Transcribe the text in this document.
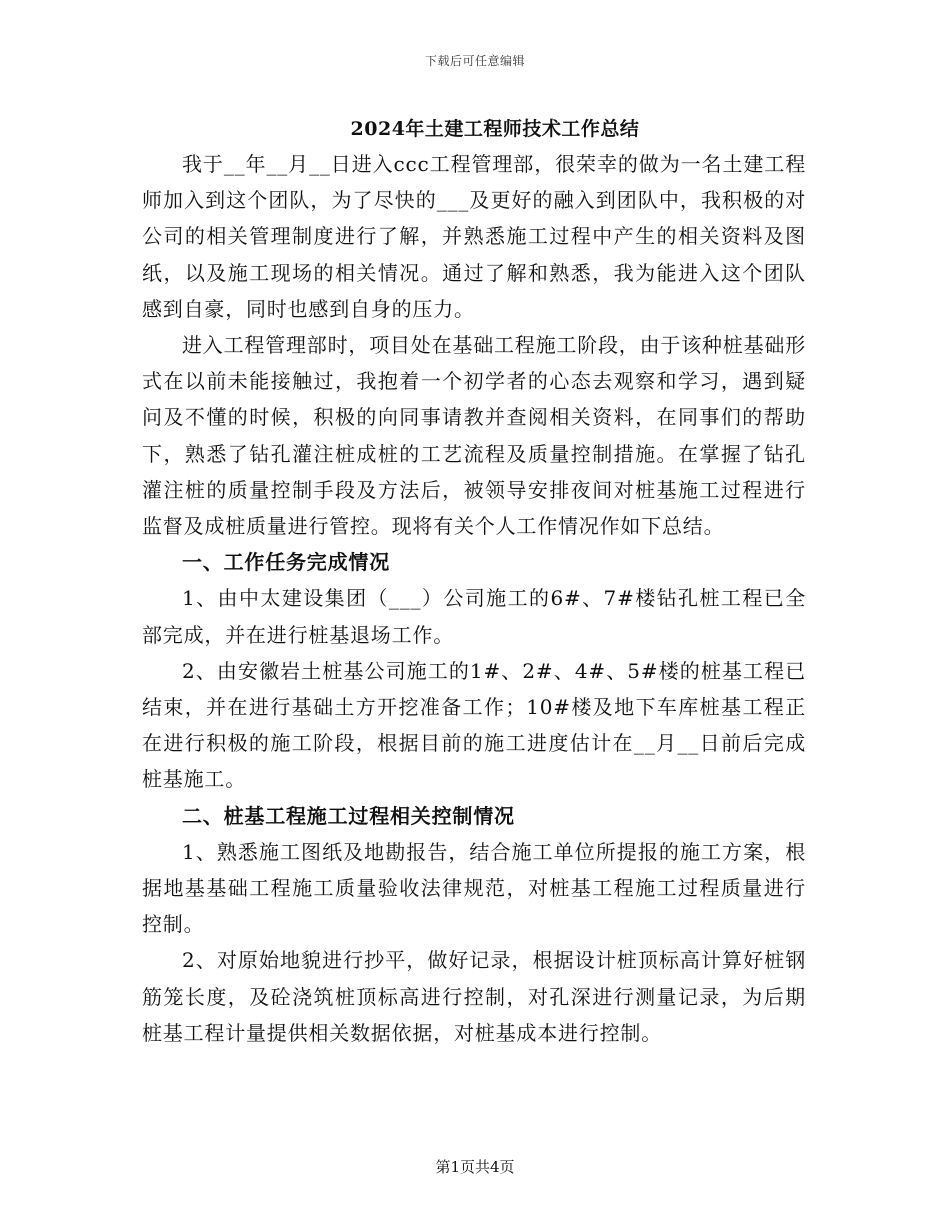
下载后可任意编辑
2024年土建工程师技术工作总结

我于__年__月__日进入ccc工程管理部，很荣幸的做为一名土建工程师加入到这个团队，为了尽快的___及更好的融入到团队中，我积极的对公司的相关管理制度进行了解，并熟悉施工过程中产生的相关资料及图纸，以及施工现场的相关情况。通过了解和熟悉，我为能进入这个团队感到自豪，同时也感到自身的压力。

进入工程管理部时，项目处在基础工程施工阶段，由于该种桩基础形式在以前未能接触过，我抱着一个初学者的心态去观察和学习，遇到疑问及不懂的时候，积极的向同事请教并查阅相关资料，在同事们的帮助下，熟悉了钻孔灌注桩成桩的工艺流程及质量控制措施。在掌握了钻孔灌注桩的质量控制手段及方法后，被领导安排夜间对桩基施工过程进行监督及成桩质量进行管控。现将有关个人工作情况作如下总结。

一、工作任务完成情况

1、由中太建设集团（___）公司施工的6#、7#楼钻孔桩工程已全部完成，并在进行桩基退场工作。

2、由安徽岩土桩基公司施工的1#、2#、4#、5#楼的桩基工程已结束，并在进行基础土方开挖准备工作；10#楼及地下车库桩基工程正在进行积极的施工阶段，根据目前的施工进度估计在__月__日前后完成桩基施工。

二、桩基工程施工过程相关控制情况

1、熟悉施工图纸及地勘报告，结合施工单位所提报的施工方案，根据地基基础工程施工质量验收法律规范，对桩基工程施工过程质量进行控制。

2、对原始地貌进行抄平，做好记录，根据设计桩顶标高计算好桩钢筋笼长度，及砼浇筑桩顶标高进行控制，对孔深进行测量记录，为后期桩基工程计量提供相关数据依据，对桩基成本进行控制。

第1页共4页
